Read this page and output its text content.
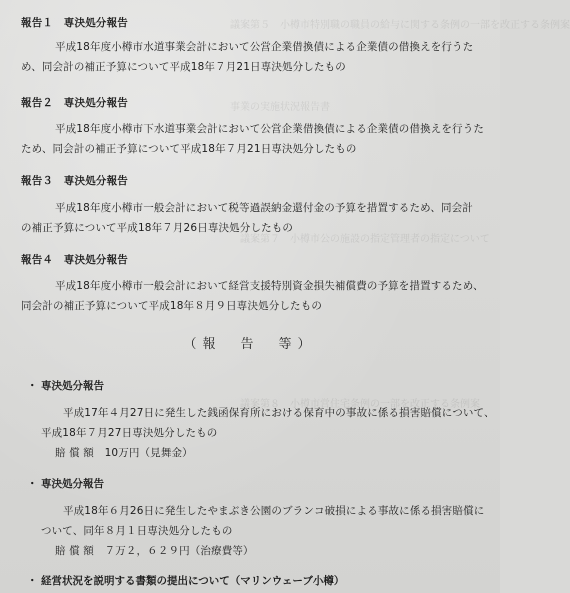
議案第５　小樽市特別職の職員の給与に関する条例の一部を改正する条例案
事業の実施状況報告書
議案第７　小樽市公の施設の指定管理者の指定について
議案第８　小樽市営住宅条例の一部を改正する条例案
報告１　専決処分報告
平成18年度小樽市水道事業会計において公営企業借換債による企業債の借換えを行うた
め、同会計の補正予算について平成18年７月21日専決処分したもの
報告２　専決処分報告
平成18年度小樽市下水道事業会計において公営企業借換債による企業債の借換えを行うた
ため、同会計の補正予算について平成18年７月21日専決処分したもの
報告３　専決処分報告
平成18年度小樽市一般会計において税等過誤納金還付金の予算を措置するため、同会計
の補正予算について平成18年７月26日専決処分したもの
報告４　専決処分報告
平成18年度小樽市一般会計において経営支援特別資金損失補償費の予算を措置するため、
同会計の補正予算について平成18年８月９日専決処分したもの
（報　告　等）
・ 専決処分報告
平成17年４月27日に発生した銭函保育所における保育中の事故に係る損害賠償について、
平成18年７月27日専決処分したもの
賠 償 額　10万円（見舞金）
・ 専決処分報告
平成18年６月26日に発生したやまぶき公園のブランコ破損による事故に係る損害賠償に
ついて、同年８月１日専決処分したもの
賠 償 額　７万２，６２９円（治療費等）
・ 経営状況を説明する書類の提出について（マリンウェーブ小樽）
